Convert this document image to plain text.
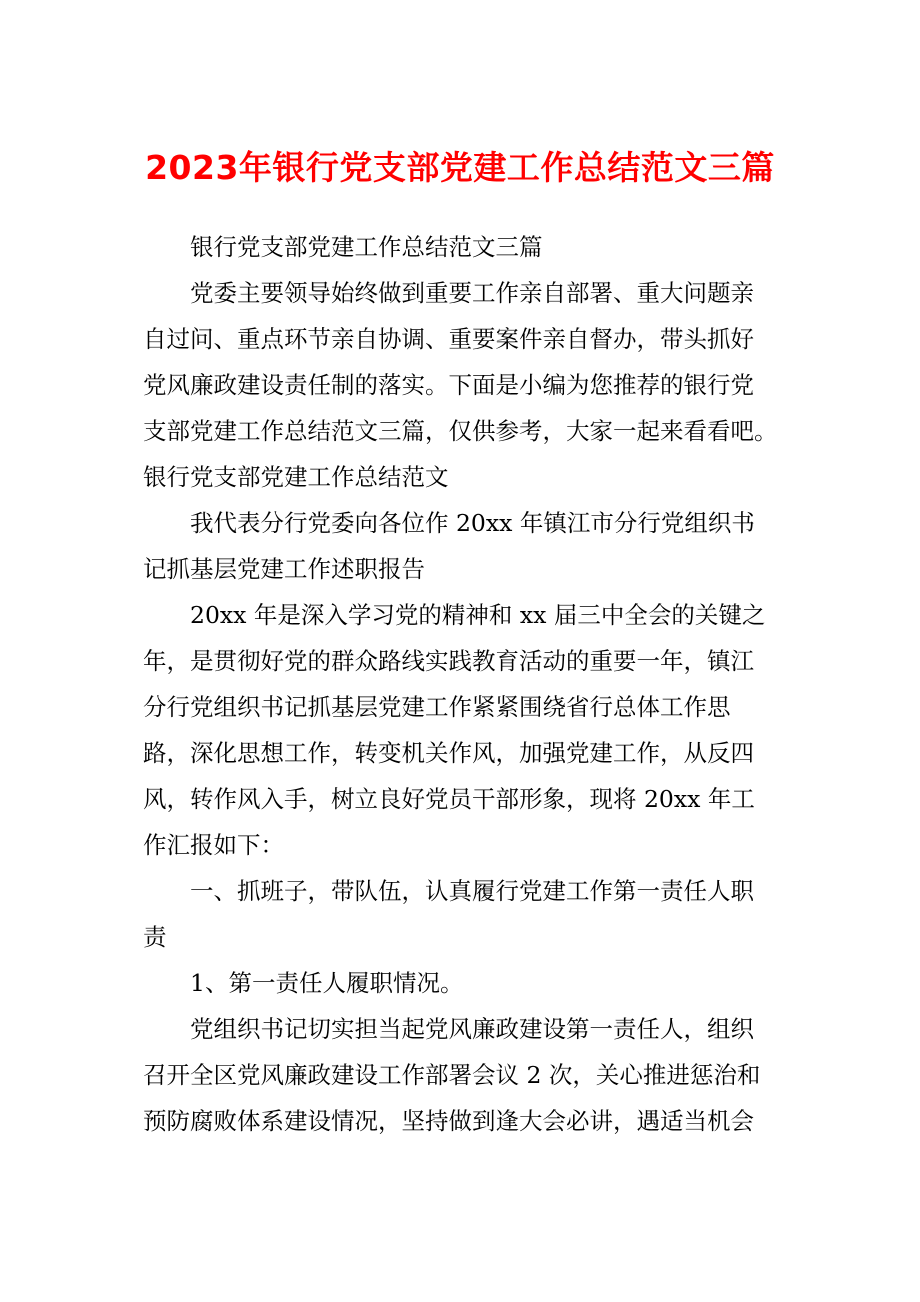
2023年银行党支部党建工作总结范文三篇
银行党支部党建工作总结范文三篇
党委主要领导始终做到重要工作亲自部署、重大问题亲
自过问、重点环节亲自协调、重要案件亲自督办，带头抓好
党风廉政建设责任制的落实。下面是小编为您推荐的银行党
支部党建工作总结范文三篇，仅供参考，大家一起来看看吧。
银行党支部党建工作总结范文
我代表分行党委向各位作 20xx 年镇江市分行党组织书
记抓基层党建工作述职报告
20xx 年是深入学习党的精神和 xx 届三中全会的关键之
年，是贯彻好党的群众路线实践教育活动的重要一年，镇江
分行党组织书记抓基层党建工作紧紧围绕省行总体工作思
路，深化思想工作，转变机关作风，加强党建工作，从反四
风，转作风入手，树立良好党员干部形象，现将 20xx 年工
作汇报如下：
一、抓班子，带队伍，认真履行党建工作第一责任人职
责
1、第一责任人履职情况。
党组织书记切实担当起党风廉政建设第一责任人，组织
召开全区党风廉政建设工作部署会议 2 次，关心推进惩治和
预防腐败体系建设情况，坚持做到逢大会必讲，遇适当机会
